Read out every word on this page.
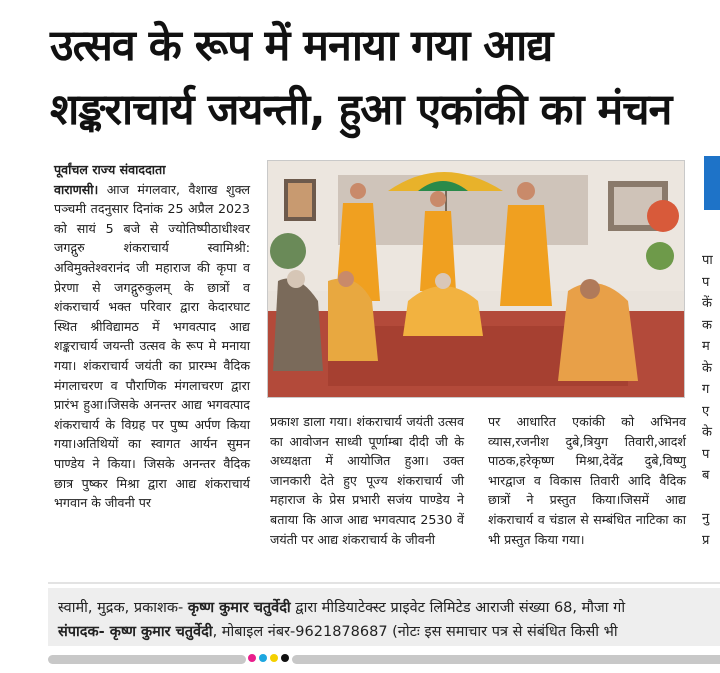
उत्सव के रूप में मनाया गया आद्य
शङ्कराचार्य जयन्ती, हुआ एकांकी का मंचन
पूर्वांचल राज्य संवाददाता

वाराणसी। आज मंगलवार, वैशाख शुक्ल पञ्चमी तदनुसार दिनांक 25 अप्रैल 2023 को सायं 5 बजे से ज्योतिष्पीठाधीश्वर जगद्गुरु शंकराचार्य स्वामिश्री: अविमुक्तेश्वरानंद जी महाराज की कृपा व प्रेरणा से जगद्गुरुकुलम् के छात्रों व शंकराचार्य भक्त परिवार द्वारा केदारघाट स्थित श्रीविद्यामठ में भगवत्पाद आद्य शङ्कराचार्य जयन्ती उत्सव के रूप मे मनाया गया। शंकराचार्य जयंती का प्रारम्भ वैदिक मंगलाचरण व पौराणिक मंगलाचरण द्वारा प्रारंभ हुआ।जिसके अनन्तर आद्य भगवत्पाद शंकराचार्य के विग्रह पर पुष्प अर्पण किया गया।अतिथियों का स्वागत आर्यन सुमन पाण्डेय ने किया। जिसके अनन्तर वैदिक छात्र पुष्कर मिश्रा द्वारा आद्य शंकराचार्य भगवान के जीवनी पर

प्रकाश डाला गया। शंकराचार्य जयंती उत्सव का आवोजन साध्वी पूर्णाम्बा दीदी जी के अध्यक्षता में आयोजित हुआ। उक्त जानकारी देते हुए पूज्य शंकराचार्य जी महाराज के प्रेस प्रभारी सजंय पाण्डेय ने बताया कि आज आद्य भगवत्पाद 2530 वें जयंती पर आद्य शंकराचार्य के जीवनी

पर आधारित एकांकी को अभिनव व्यास,रजनीश दुबे,त्रियुग तिवारी,आदर्श पाठक,हरेकृष्ण मिश्रा,देवेंद्र दुबे,विष्णु भारद्वाज व विकास तिवारी आदि वैदिक छात्रों ने प्रस्तुत किया।जिसमें आद्य शंकराचार्य व चंडाल से सम्बंधित नाटिका का भी प्रस्तुत किया गया।

पा
प
कें
क
म
के
ग
ए
के
प
ब

नु
प्र
स्वामी, मुद्रक, प्रकाशक- कृष्ण कुमार चतुर्वेदी द्वारा मीडियाटेक्स्ट प्राइवेट लिमिटेड आराजी संख्या 68, मौजा गो
संपादक- कृष्ण कुमार चतुर्वेदी, मोबाइल नंबर-9621878687 (नोटः इस समाचार पत्र से संबंधित किसी भी
